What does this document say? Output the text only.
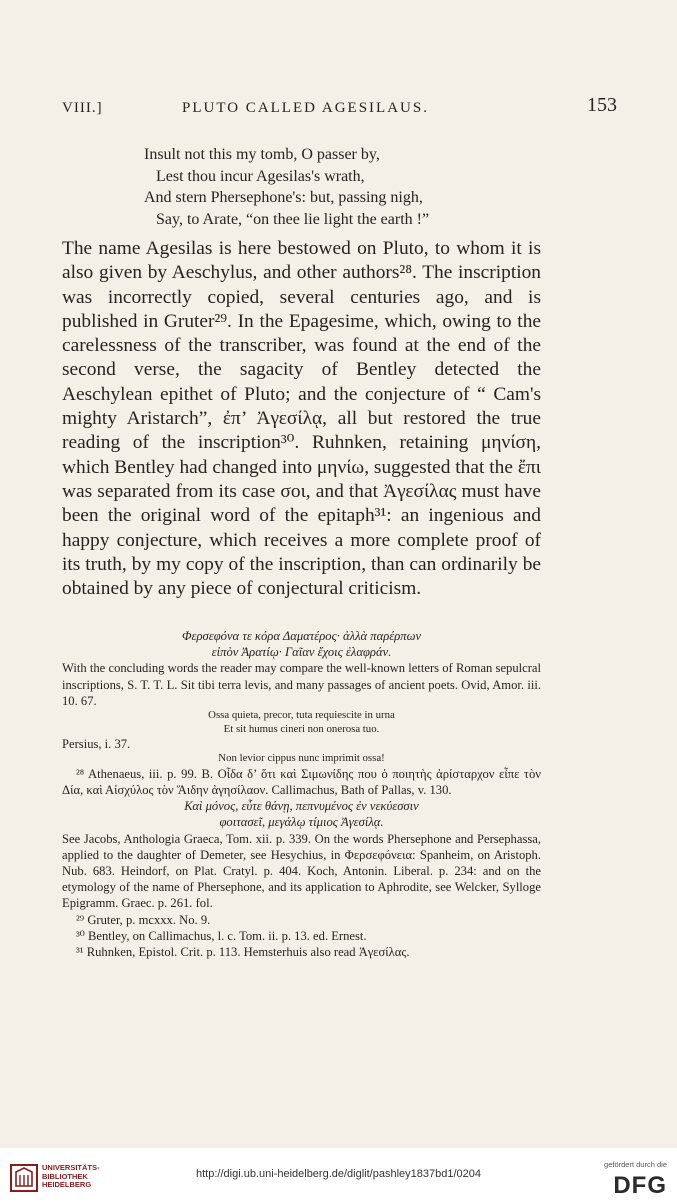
VIII.]	PLUTO CALLED AGESILAUS.	153
Insult not this my tomb, O passer by,
Lest thou incur Agesilas's wrath,
And stern Phersephone's: but, passing nigh,
Say, to Arate, “on thee lie light the earth !”

The name Agesilas is here bestowed on Pluto, to whom it is also given by Aeschylus, and other authors²⁸. The inscription was incorrectly copied, several centuries ago, and is published in Gruter²⁹. In the Epagesime, which, owing to the carelessness of the transcriber, was found at the end of the second verse, the sagacity of Bentley detected the Aeschylean epithet of Pluto; and the conjecture of “ Cam's mighty Aristarch”, ἐπ’ Ἀγεσίλᾳ, all but restored the true reading of the inscription³⁰. Ruhnken, retaining μηνίση, which Bentley had changed into μηνίω, suggested that the ἔπι was separated from its case σοι, and that Ἀγεσίλας must have been the original word of the epitaph³¹: an ingenious and happy conjecture, which receives a more complete proof of its truth, by my copy of the inscription, than can ordinarily be obtained by any piece of conjectural criticism.

Φερσεφόνα τε κόρα Δαματέρος· ἀλλὰ παρέρπων

εἰπὸν Ἀρατίῳ· Γαῖαν ἔχοις ἐλαφράν.

With the concluding words the reader may compare the well-known letters of Roman sepulcral inscriptions, S. T. T. L. Sit tibi terra levis, and many passages of ancient poets. Ovid, Amor. iii. 10. 67.

Ossa quieta, precor, tuta requiescite in urna

Et sit humus cineri non onerosa tuo.

Persius, i. 37.

Non levior cippus nunc imprimit ossa!

²⁸ Athenaeus, iii. p. 99. B. Οἶδα δ’ ὅτι καὶ Σιμωνίδης που ὁ ποιητὴς ἀρίσταρχον εἶπε τὸν Δία, καὶ Αἰσχύλος τὸν Ἅιδην ἀγησίλαον. Callimachus, Bath of Pallas, v. 130.

Καὶ μόνος, εὖτε θάνῃ, πεπνυμένος ἐν νεκύεσσιν

φοιτασεῖ, μεγάλῳ τίμιος Ἀγεσίλᾳ.

See Jacobs, Anthologia Graeca, Tom. xii. p. 339. On the words Phersephone and Persephassa, applied to the daughter of Demeter, see Hesychius, in Φερσεφόνεια: Spanheim, on Aristoph. Nub. 683. Heindorf, on Plat. Cratyl. p. 404. Koch, Antonin. Liberal. p. 234: and on the etymology of the name of Phersephone, and its application to Aphrodite, see Welcker, Sylloge Epigramm. Graec. p. 261. fol.

²⁹ Gruter, p. mcxxx. No. 9.

³⁰ Bentley, on Callimachus, l. c. Tom. ii. p. 13. ed. Ernest.

³¹ Ruhnken, Epistol. Crit. p. 113. Hemsterhuis also read Ἀγεσίλας.

UNIVERSITÄTS-
BIBLIOTHEK
HEIDELBERG
http://digi.ub.uni-heidelberg.de/diglit/pashley1837bd1/0204
gefördert durch die
DFG
